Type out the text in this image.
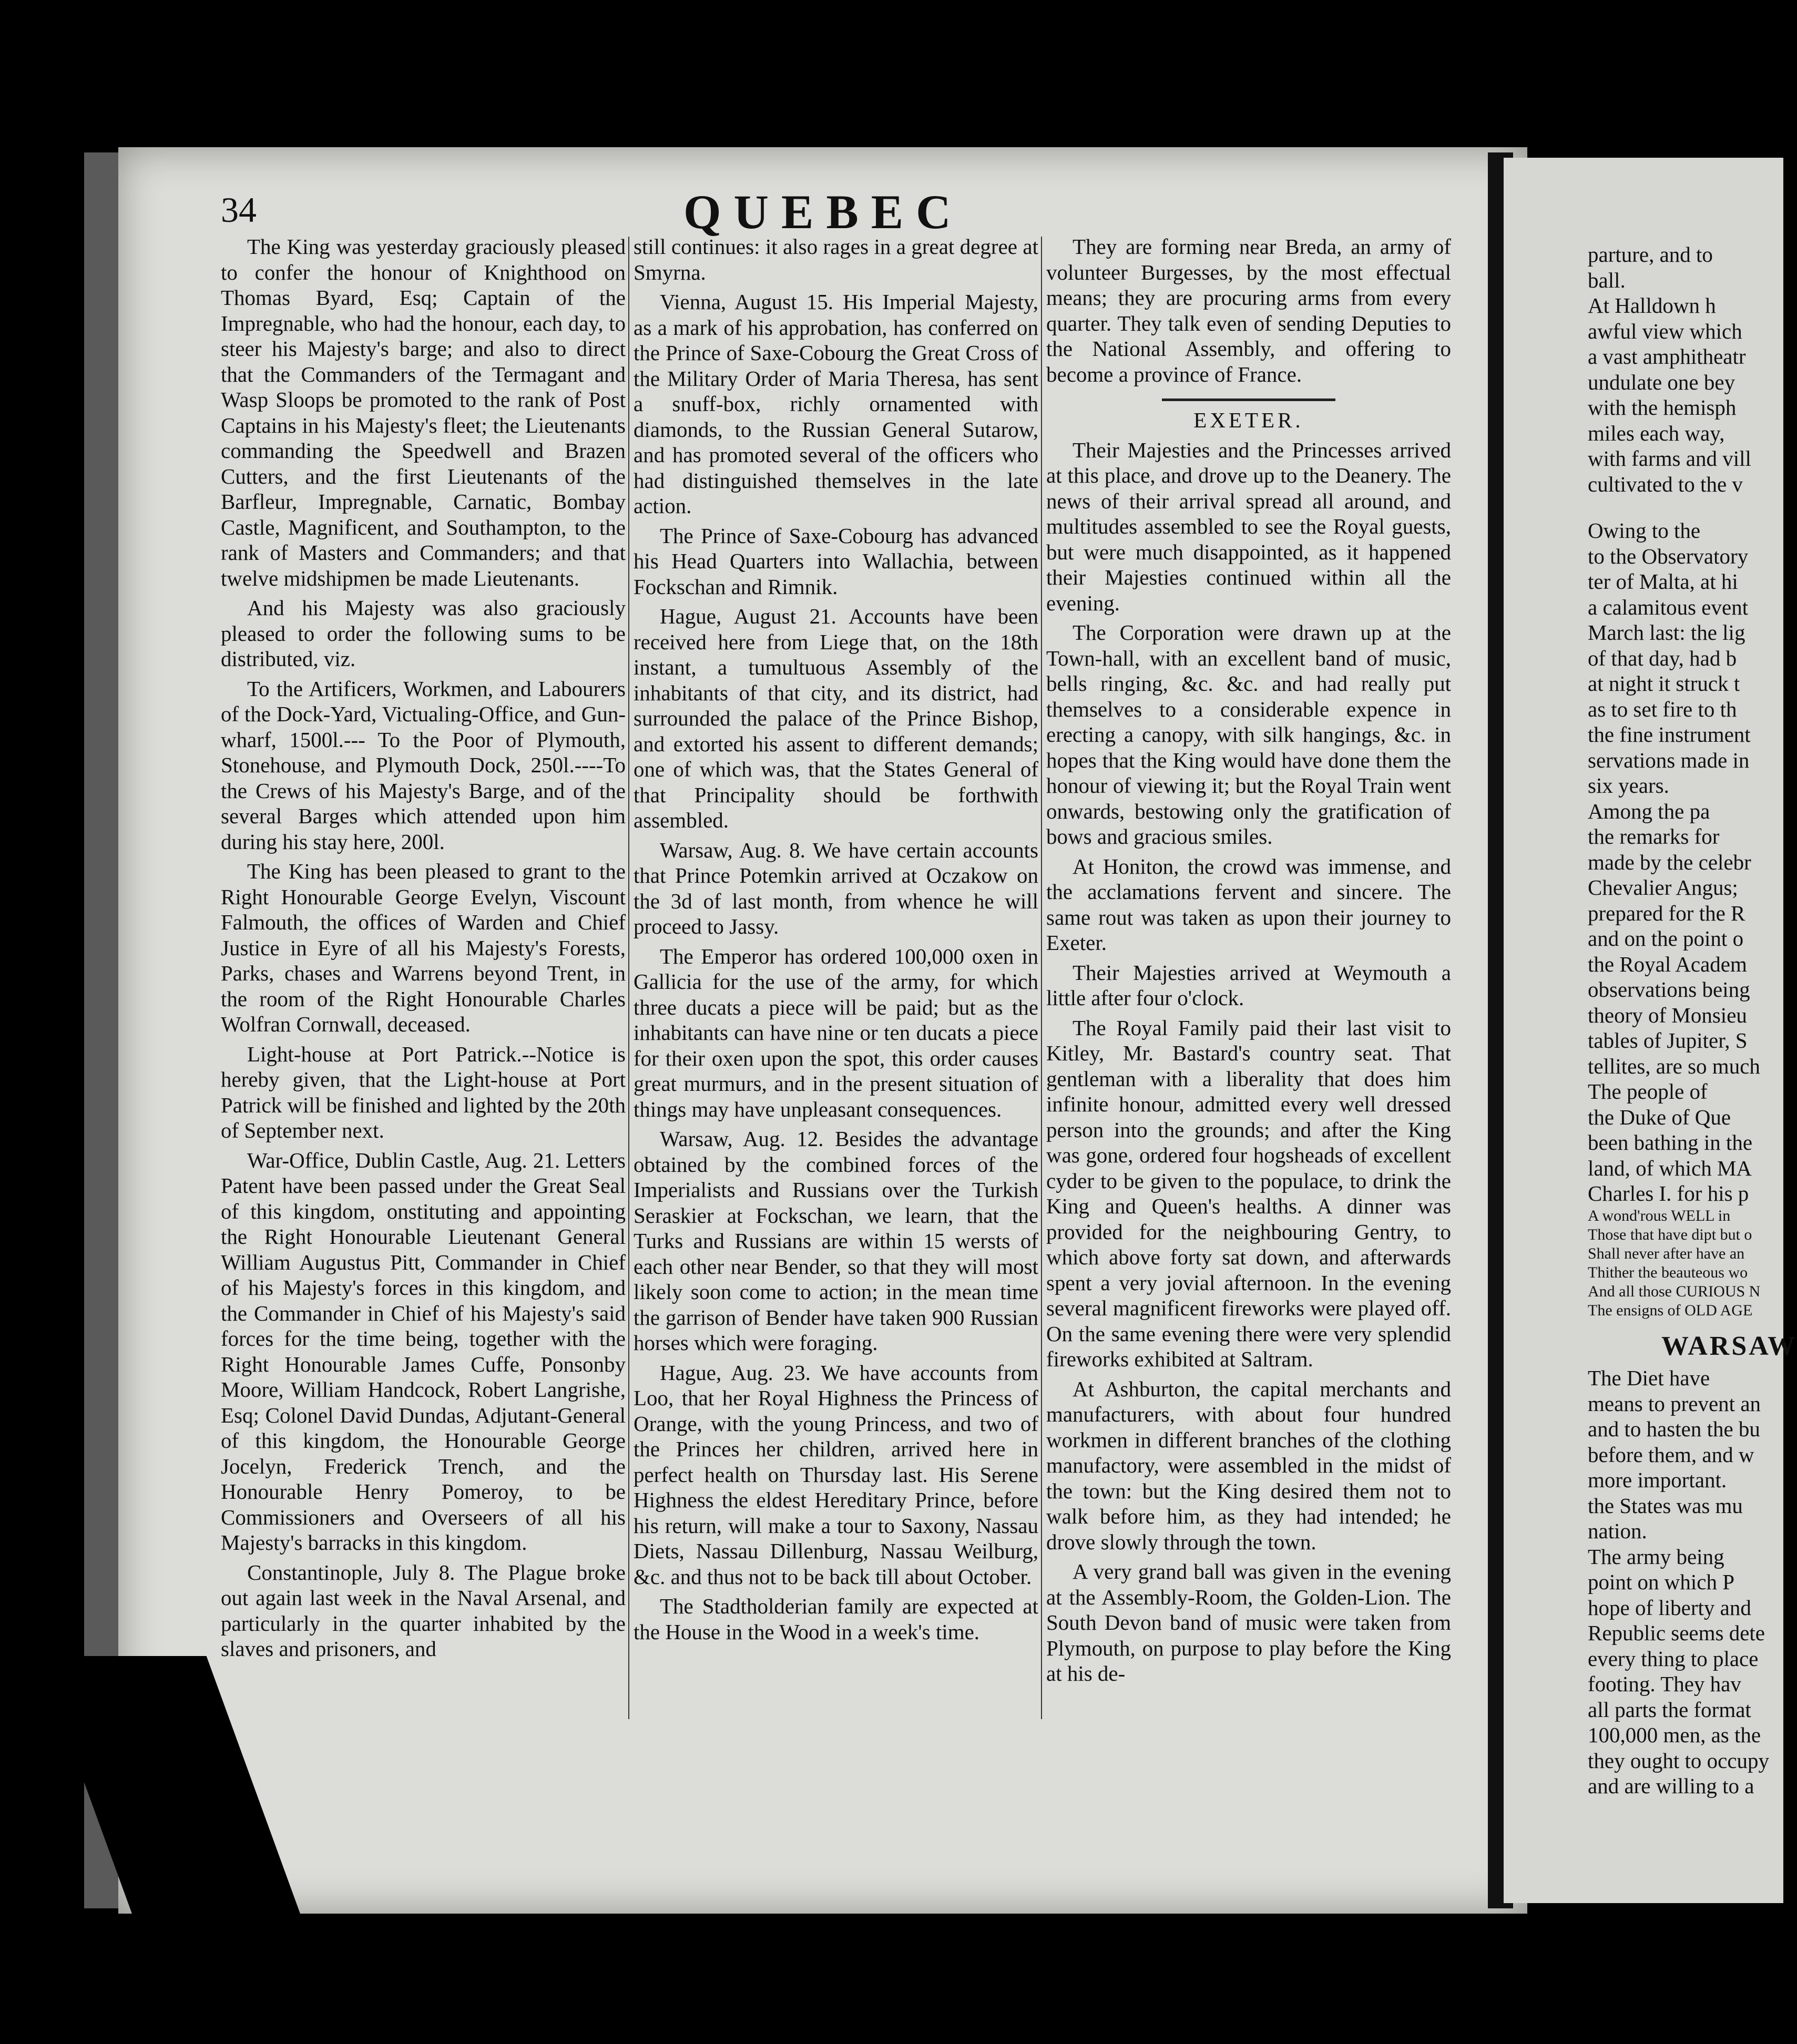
34	QUEBEC

The King was yesterday graciously pleased to confer the honour of Knighthood on Thomas Byard, Esq; Captain of the Impregnable, who had the honour, each day, to steer his Majesty's barge; and also to direct that the Commanders of the Termagant and Wasp Sloops be promoted to the rank of Post Captains in his Majesty's fleet; the Lieutenants commanding the Speedwell and Brazen Cutters, and the first Lieutenants of the Barfleur, Impregnable, Carnatic, Bombay Castle, Magnificent, and Southampton, to the rank of Masters and Commanders; and that twelve midshipmen be made Lieutenants.

And his Majesty was also graciously pleased to order the following sums to be distributed, viz.

To the Artificers, Workmen, and Labourers of the Dock-Yard, Victualing-Office, and Gun-wharf, 1500l.--- To the Poor of Plymouth, Stonehouse, and Plymouth Dock, 250l.----To the Crews of his Majesty's Barge, and of the several Barges which attended upon him during his stay here, 200l.

The King has been pleased to grant to the Right Honourable George Evelyn, Viscount Falmouth, the offices of Warden and Chief Justice in Eyre of all his Majesty's Forests, Parks, chases and Warrens beyond Trent, in the room of the Right Honourable Charles Wolfran Cornwall, deceased.

Light-house at Port Patrick.--Notice is hereby given, that the Light-house at Port Patrick will be finished and lighted by the 20th of September next.

War-Office, Dublin Castle, Aug. 21. Letters Patent have been passed under the Great Seal of this kingdom, onstituting and appointing the Right Honourable Lieutenant General William Augustus Pitt, Commander in Chief of his Majesty's forces in this kingdom, and the Commander in Chief of his Majesty's said forces for the time being, together with the Right Honourable James Cuffe, Ponsonby Moore, William Handcock, Robert Langrishe, Esq; Colonel David Dundas, Adjutant-General of this kingdom, the Honourable George Jocelyn, Frederick Trench, and the Honourable Henry Pomeroy, to be Commissioners and Overseers of all his Majesty's barracks in this kingdom.

Constantinople, July 8. The Plague broke out again last week in the Naval Arsenal, and particularly in the quarter inhabited by the slaves and prisoners, and

still continues: it also rages in a great degree at Smyrna.

Vienna, August 15. His Imperial Majesty, as a mark of his approbation, has conferred on the Prince of Saxe-Cobourg the Great Cross of the Military Order of Maria Theresa, has sent a snuff-box, richly ornamented with diamonds, to the Russian General Sutarow, and has promoted several of the officers who had distinguished themselves in the late action.

The Prince of Saxe-Cobourg has advanced his Head Quarters into Wallachia, between Fockschan and Rimnik.

Hague, August 21. Accounts have been received here from Liege that, on the 18th instant, a tumultuous Assembly of the inhabitants of that city, and its district, had surrounded the palace of the Prince Bishop, and extorted his assent to different demands; one of which was, that the States General of that Principality should be forthwith assembled.

Warsaw, Aug. 8. We have certain accounts that Prince Potemkin arrived at Oczakow on the 3d of last month, from whence he will proceed to Jassy.

The Emperor has ordered 100,000 oxen in Gallicia for the use of the army, for which three ducats a piece will be paid; but as the inhabitants can have nine or ten ducats a piece for their oxen upon the spot, this order causes great murmurs, and in the present situation of things may have unpleasant consequences.

Warsaw, Aug. 12. Besides the advantage obtained by the combined forces of the Imperialists and Russians over the Turkish Seraskier at Fockschan, we learn, that the Turks and Russians are within 15 wersts of each other near Bender, so that they will most likely soon come to action; in the mean time the garrison of Bender have taken 900 Russian horses which were foraging.

Hague, Aug. 23. We have accounts from Loo, that her Royal Highness the Princess of Orange, with the young Princess, and two of the Princes her children, arrived here in perfect health on Thursday last. His Serene Highness the eldest Hereditary Prince, before his return, will make a tour to Saxony, Nassau Diets, Nassau Dillenburg, Nassau Weilburg, &c. and thus not to be back till about October.

The Stadtholderian family are expected at the House in the Wood in a week's time.

They are forming near Breda, an army of volunteer Burgesses, by the most effectual means; they are procuring arms from every quarter. They talk even of sending Deputies to the National Assembly, and offering to become a province of France.

EXETER.

Their Majesties and the Princesses arrived at this place, and drove up to the Deanery. The news of their arrival spread all around, and multitudes assembled to see the Royal guests, but were much disappointed, as it happened their Majesties continued within all the evening.

The Corporation were drawn up at the Town-hall, with an excellent band of music, bells ringing, &c. &c. and had really put themselves to a considerable expence in erecting a canopy, with silk hangings, &c. in hopes that the King would have done them the honour of viewing it; but the Royal Train went onwards, bestowing only the gratification of bows and gracious smiles.

At Honiton, the crowd was immense, and the acclamations fervent and sincere. The same rout was taken as upon their journey to Exeter.

Their Majesties arrived at Weymouth a little after four o'clock.

The Royal Family paid their last visit to Kitley, Mr. Bastard's country seat. That gentleman with a liberality that does him infinite honour, admitted every well dressed person into the grounds; and after the King was gone, ordered four hogsheads of excellent cyder to be given to the populace, to drink the King and Queen's healths. A dinner was provided for the neighbouring Gentry, to which above forty sat down, and afterwards spent a very jovial afternoon. In the evening several magnificent fireworks were played off. On the same evening there were very splendid fireworks exhibited at Saltram.

At Ashburton, the capital merchants and manufacturers, with about four hundred workmen in different branches of the clothing manufactory, were assembled in the midst of the town: but the King desired them not to walk before him, as they had intended; he drove slowly through the town.

A very grand ball was given in the evening at the Assembly-Room, the Golden-Lion. The South Devon band of music were taken from Plymouth, on purpose to play before the King at his de-

parture, and to
ball.
At Halldown h
awful view which
a vast amphitheatr
undulate one bey
with the hemisph
miles each way,
with farms and vill
cultivated to the v
Owing to the
to the Observatory
ter of Malta, at hi
a calamitous event
March last: the lig
of that day, had b
at night it struck t
as to set fire to th
the fine instrument
servations made in
six years.
Among the pa
the remarks for
made by the celebr
Chevalier Angus;
prepared for the R
and on the point o
the Royal Academ
observations being
theory of Monsieu
tables of Jupiter, S
tellites, are so much
The people of
the Duke of Que
been bathing in the
land, of which MA
Charles I. for his p
A wond'rous WELL in
Those that have dipt but o
Shall never after have an
Thither the beauteous wo
And all those CURIOUS N
The ensigns of OLD AGE
WARSAW
The Diet have
means to prevent an
and to hasten the bu
before them, and w
more important.
the States was mu
nation.
The army being
point on which P
hope of liberty and
Republic seems dete
every thing to place
footing. They hav
all parts the format
100,000 men, as the
they ought to occupy
and are willing to a
